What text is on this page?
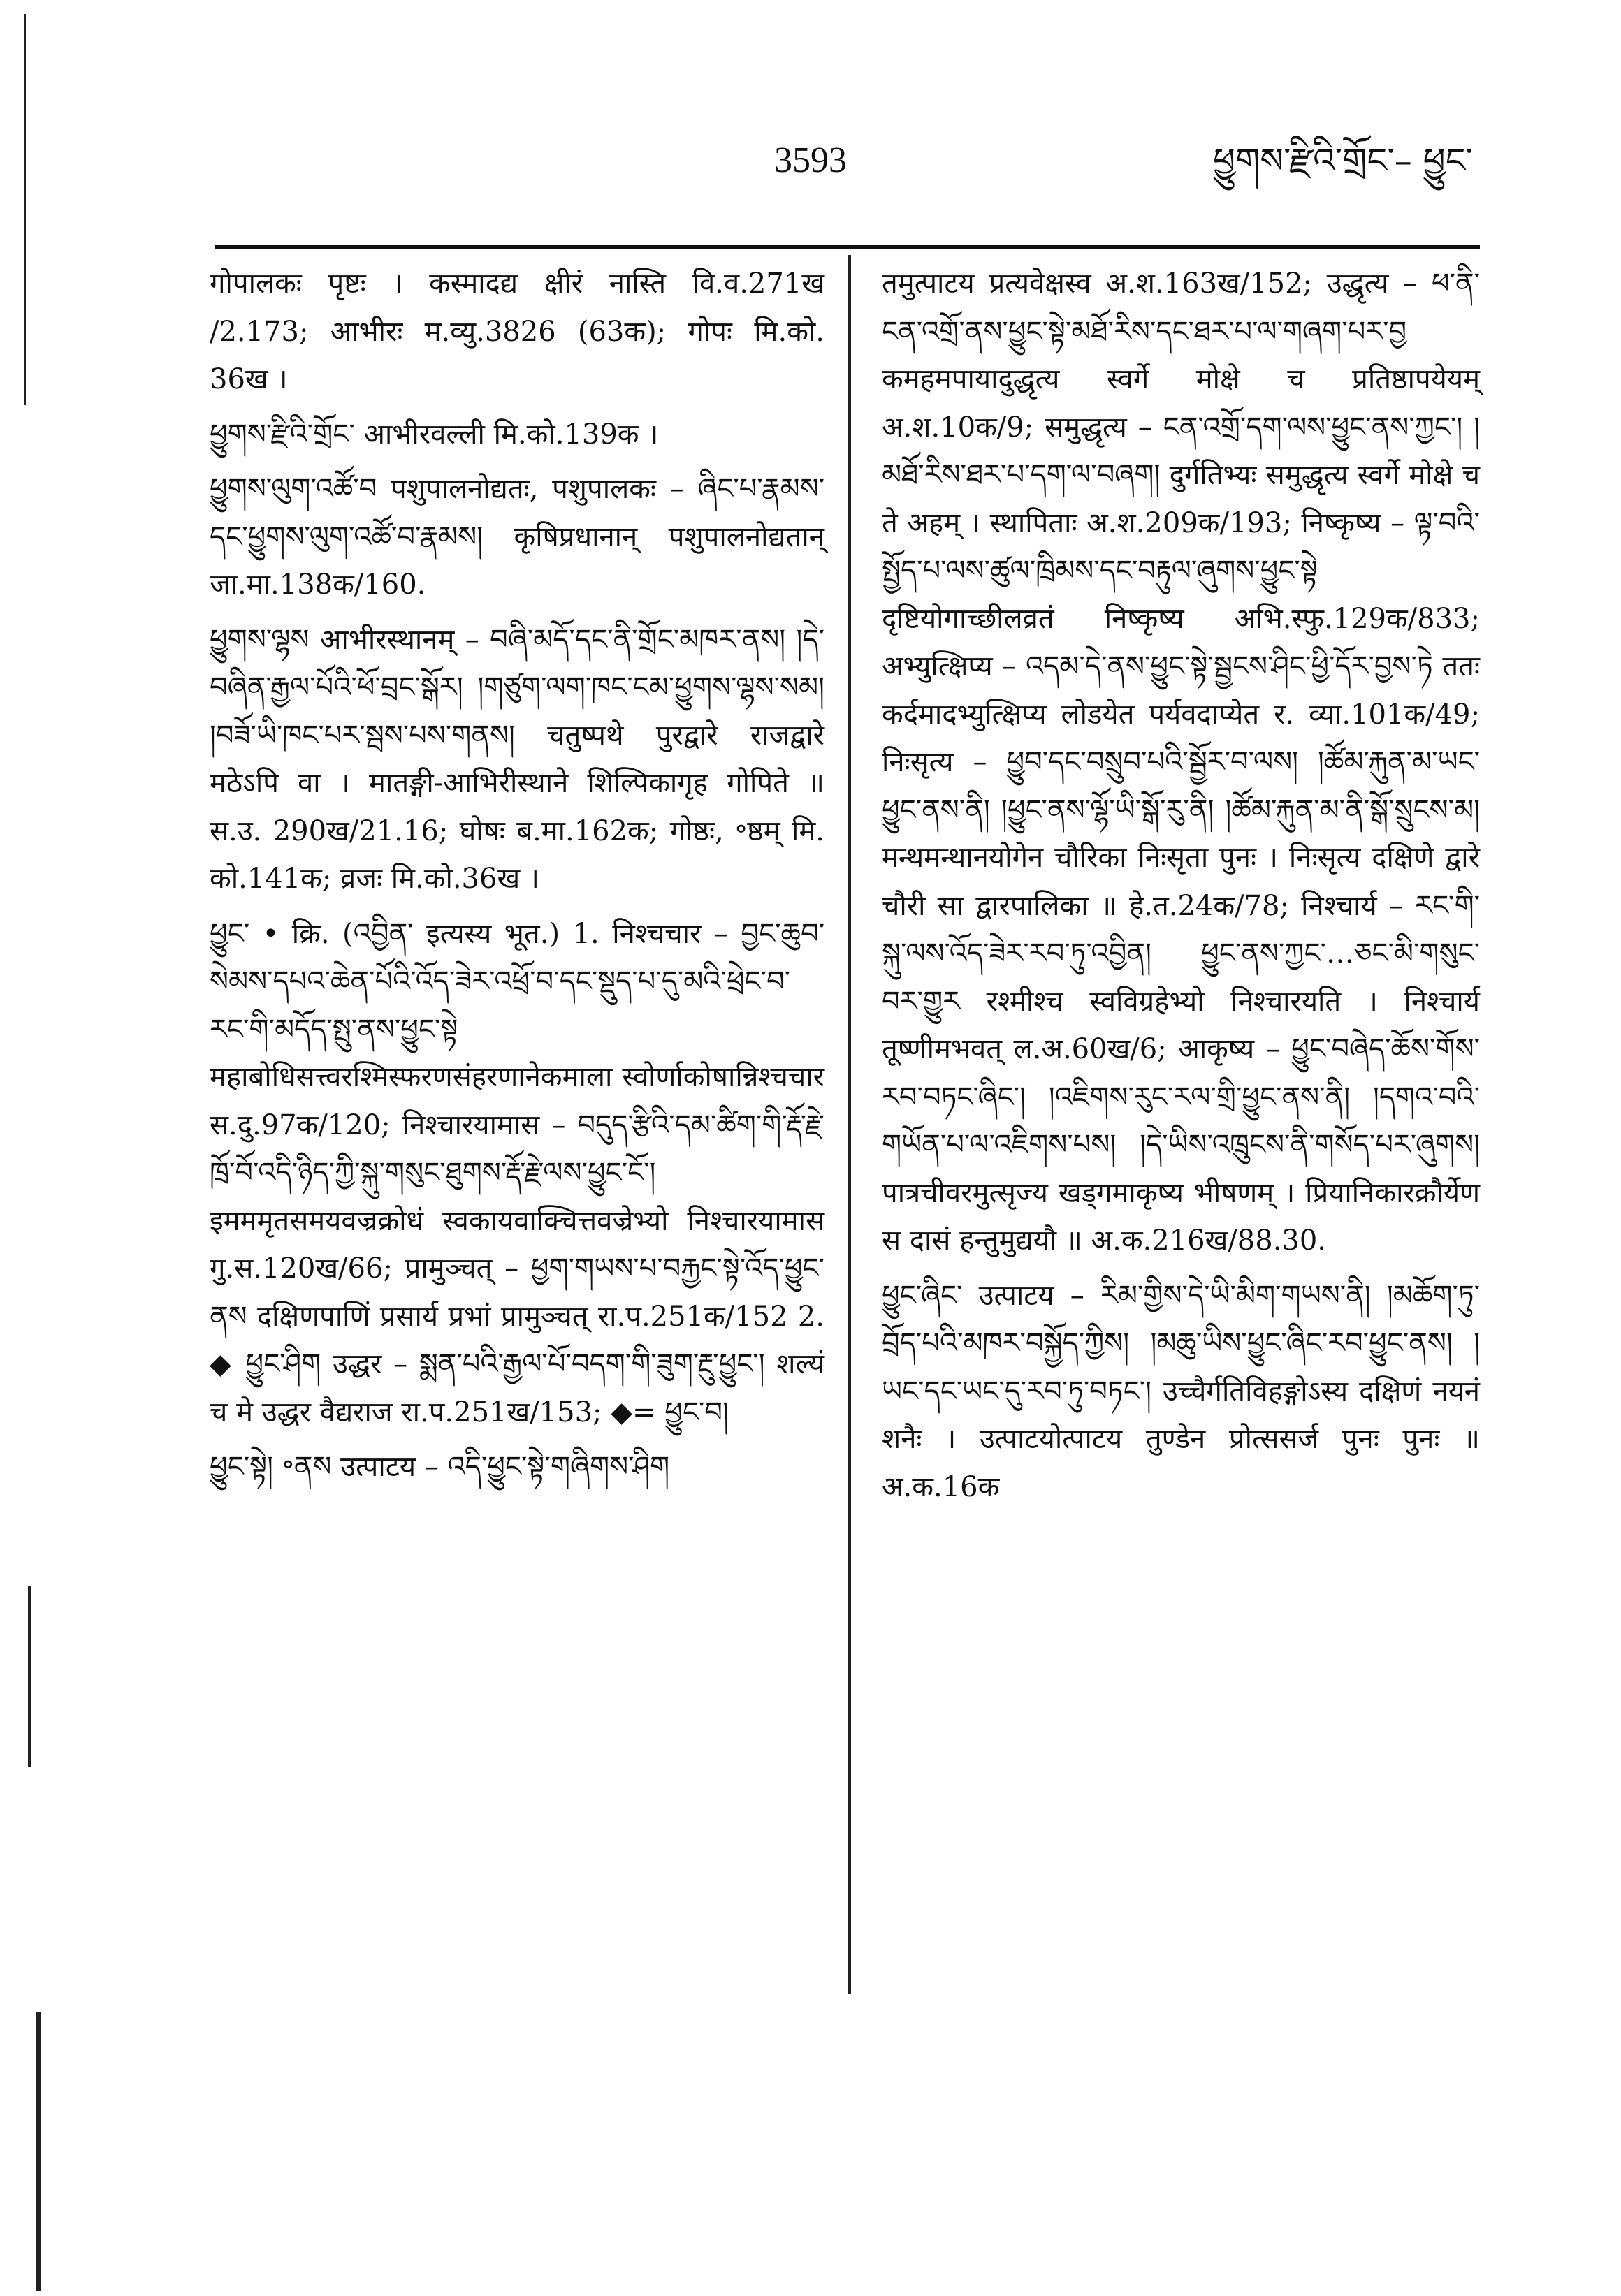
3593	ཕྱུགས་རྫིའི་གྲོང་– ཕྱུང་

गोपालकः पृष्टः । कस्मादद्य क्षीरं नास्ति वि.व.271ख /2.173; आभीरः म.व्यु.3826 (63क); गोपः मि.को. 36ख ।

ཕྱུགས་རྫིའི་གྲོང་ आभीरवल्ली मि.को.139क ।

ཕྱུགས་ལུག་འཚོ་བ पशुपालनोद्यतः, पशुपालकः – ཞིང་པ་རྣམས་དང་ཕྱུགས་ལུག་འཚོ་བ་རྣམས། कृषिप्रधानान् पशुपालनोद्यतान् जा.मा.138क/160.

ཕྱུགས་ལྷས आभीरस्थानम् – བཞི་མདོ་དང་ནི་གྲོང་མཁར་ནས། །དེ་བཞིན་རྒྱལ་པོའི་ཕོ་བྲང་སྒོར། །གཙུག་ལག་ཁང་ངམ་ཕྱུགས་ལྷས་སམ། །བཟོ་ཡི་ཁང་པར་སྦས་པས་གནས། चतुष्पथे पुरद्वारे राजद्वारे मठेऽपि वा । मातङ्गी-आभिरीस्थाने शिल्पिकागृह गोपिते ॥ स.उ. 290ख/21.16; घोषः ब.मा.162क; गोष्ठः, ॰ष्ठम् मि. को.141क; व्रजः मि.को.36ख ।

ཕྱུང་ • क्रि. (འབྱིན་ इत्यस्य भूत.) 1. निश्चचार – བྱང་ཆུབ་སེམས་དཔའ་ཆེན་པོའི་འོད་ཟེར་འཕྲོ་བ་དང་སྡུད་པ་དུ་མའི་ཕྲེང་བ་རང་གི་མདོད་སྤུ་ནས་ཕྱུང་སྟེ महाबोधिसत्त्वरश्मिस्फरणसंहरणानेकमाला स्वोर्णाकोषान्निश्चचार स.दु.97क/120; निश्चारयामास – བདུད་རྩིའི་དམ་ཚིག་གི་རྡོ་རྗེ་ཁྲོ་བོ་འདི་ཉིད་ཀྱི་སྐུ་གསུང་ཐུགས་རྡོ་རྗེ་ལས་ཕྱུང་ངོ་། इमममृतसमयवज्रक्रोधं स्वकायवाक्चित्तवज्रेभ्यो निश्चारयामास गु.स.120ख/66; प्रामुञ्चत् – ཕྱག་གཡས་པ་བརྐྱང་སྟེ་འོད་ཕྱུང་ནས दक्षिणपाणिं प्रसार्य प्रभां प्रामुञ्चत् रा.प.251क/152 2. ◆ ཕྱུང་ཤིག उद्धर – སྨན་པའི་རྒྱལ་པོ་བདག་གི་ཟུག་རྔུ་ཕྱུང་། शल्यं च मे उद्धर वैद्यराज रा.प.251ख/153; ◆= ཕྱུང་བ།

ཕྱུང་སྟེ། ॰ནས उत्पाटय – འདི་ཕྱུང་སྟེ་གཞིགས་ཤིག

तमुत्पाटय प्रत्यवेक्षस्व अ.श.163ख/152; उद्धृत्य – ཕ་ནི་ངན་འགྲོ་ནས་ཕྱུང་སྟེ་མཐོ་རིས་དང་ཐར་པ་ལ་གཞག་པར་བྱ कमहमपायादुद्धृत्य स्वर्गे मोक्षे च प्रतिष्ठापयेयम् अ.श.10क/9; समुद्धृत्य – ངན་འགྲོ་དག་ལས་ཕྱུང་ནས་ཀྱང་། །མཐོ་རིས་ཐར་པ་དག་ལ་བཞག། दुर्गतिभ्यः समुद्धृत्य स्वर्गे मोक्षे च ते अहम् । स्थापिताः अ.श.209क/193; निष्कृष्य – ལྟ་བའི་སྤྱོད་པ་ལས་ཚུལ་ཁྲིམས་དང་བརྟུལ་ཞུགས་ཕྱུང་སྟེ दृष्टियोगाच्छीलव्रतं निष्कृष्य अभि.स्फु.129क/833; अभ्युत्क्षिप्य – འདམ་དེ་ནས་ཕྱུང་སྟེ་སྦྱངས་ཤིང་ཕྱི་དོར་བྱས་ཏེ ततः कर्दमादभ्युत्क्षिप्य लोडयेत पर्यवदाप्येत र. व्या.101क/49; निःसृत्य – ཕྱུབ་དང་བསྲུབ་པའི་སྦྱོར་བ་ལས། །ཚོམ་རྐུན་མ་ཡང་ཕྱུང་ནས་ནི། །ཕྱུང་ནས་ལྷོ་ཡི་སྒོ་རུ་ནི། །ཚོམ་རྐུན་མ་ནི་སྒོ་སྲུངས་མ། मन्थमन्थानयोगेन चौरिका निःसृता पुनः । निःसृत्य दक्षिणे द्वारे चौरी सा द्वारपालिका ॥ हे.त.24क/78; निश्चार्य – རང་གི་སྐུ་ལས་འོད་ཟེར་རབ་ཏུ་འབྱིན། ཕྱུང་ནས་ཀྱང་…ཅང་མི་གསུང་བར་གྱུར रश्मीश्च स्वविग्रहेभ्यो निश्चारयति । निश्चार्य तूष्णीमभवत् ल.अ.60ख/6; आकृष्य – ཕྱུང་བཞེད་ཆོས་གོས་རབ་བཏང་ཞིང་། །འཇིགས་རུང་རལ་གྲི་ཕྱུང་ནས་ནི། །དགའ་བའི་གཡོན་པ་ལ་འཇིགས་པས། །དེ་ཡིས་འཁྲུངས་ནི་གསོད་པར་ཞུགས། पात्रचीवरमुत्सृज्य खड्गमाकृष्य भीषणम् । प्रियानिकारक्रौर्येण स दासं हन्तुमुद्ययौ ॥ अ.क.216ख/88.30.

ཕྱུང་ཞིང་ उत्पाटय – རིམ་གྱིས་དེ་ཡི་མིག་གཡས་ནི། །མཆོག་ཏུ་བྲོད་པའི་མཁར་བསྐྱོད་ཀྱིས། །མཆུ་ཡིས་ཕྱུང་ཞིང་རབ་ཕྱུང་ནས། །ཡང་དང་ཡང་དུ་རབ་ཏུ་བཏང་། उच्चैर्गतिविहङ्गोऽस्य दक्षिणं नयनं शनैः । उत्पाटयोत्पाटय तुण्डेन प्रोत्ससर्ज पुनः पुनः ॥ अ.क.16क
